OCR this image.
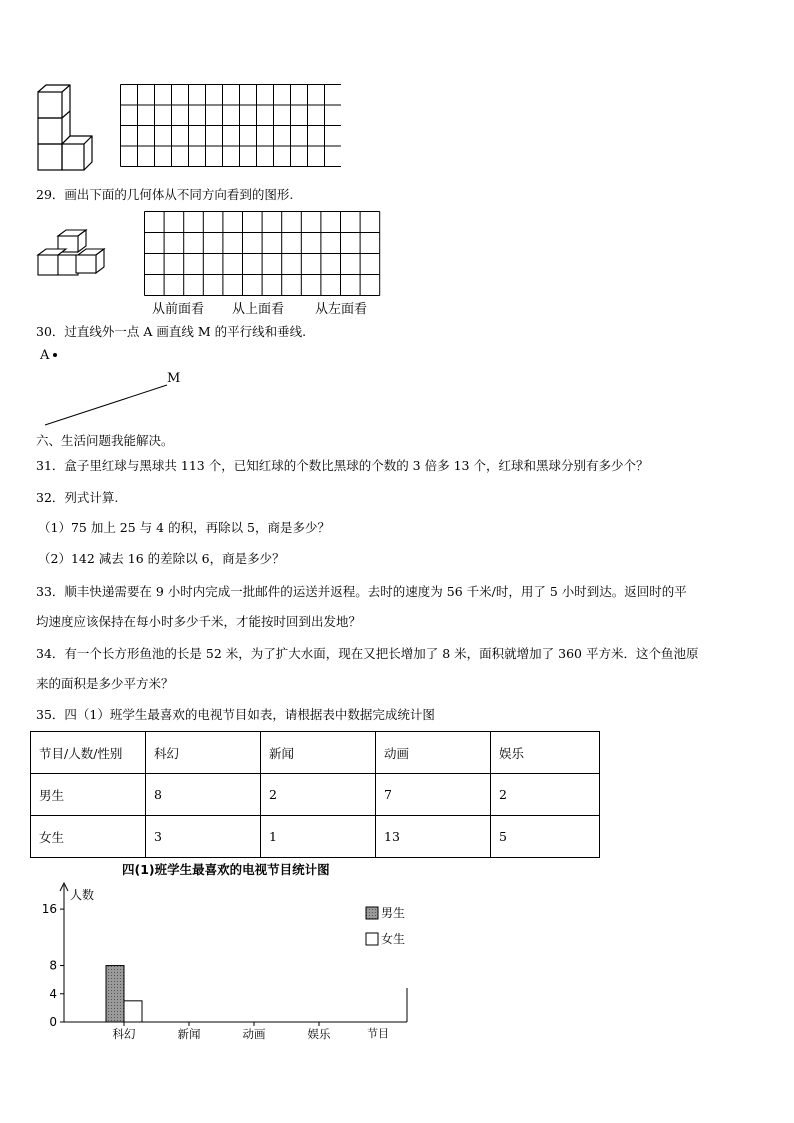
29．画出下面的几何体从不同方向看到的图形.
从前面看 从上面看 从左面看
30．过直线外一点 A 画直线 M 的平行线和垂线.
A
M
六、生活问题我能解决。
31．盒子里红球与黑球共 113 个，已知红球的个数比黑球的个数的 3 倍多 13 个，红球和黑球分别有多少个？
32．列式计算.
（1）75 加上 25 与 4 的积，再除以 5，商是多少？
（2）142 减去 16 的差除以 6，商是多少？
33．顺丰快递需要在 9 小时内完成一批邮件的运送并返程。去时的速度为 56 千米/时，用了 5 小时到达。返回时的平
均速度应该保持在每小时多少千米，才能按时回到出发地？
34．有一个长方形鱼池的长是 52 米，为了扩大水面，现在又把长增加了 8 米，面积就增加了 360 平方米．这个鱼池原
来的面积是多少平方米？
35．四（1）班学生最喜欢的电视节目如表，请根据表中数据完成统计图
节目/人数/性别	科幻	新闻	动画	娱乐
男生	8	2	7	2
女生	3	1	13	5
四(1)班学生最喜欢的电视节目统计图
人数
节目
0
4
8
16
科幻	新闻	动画	娱乐
男生
女生
